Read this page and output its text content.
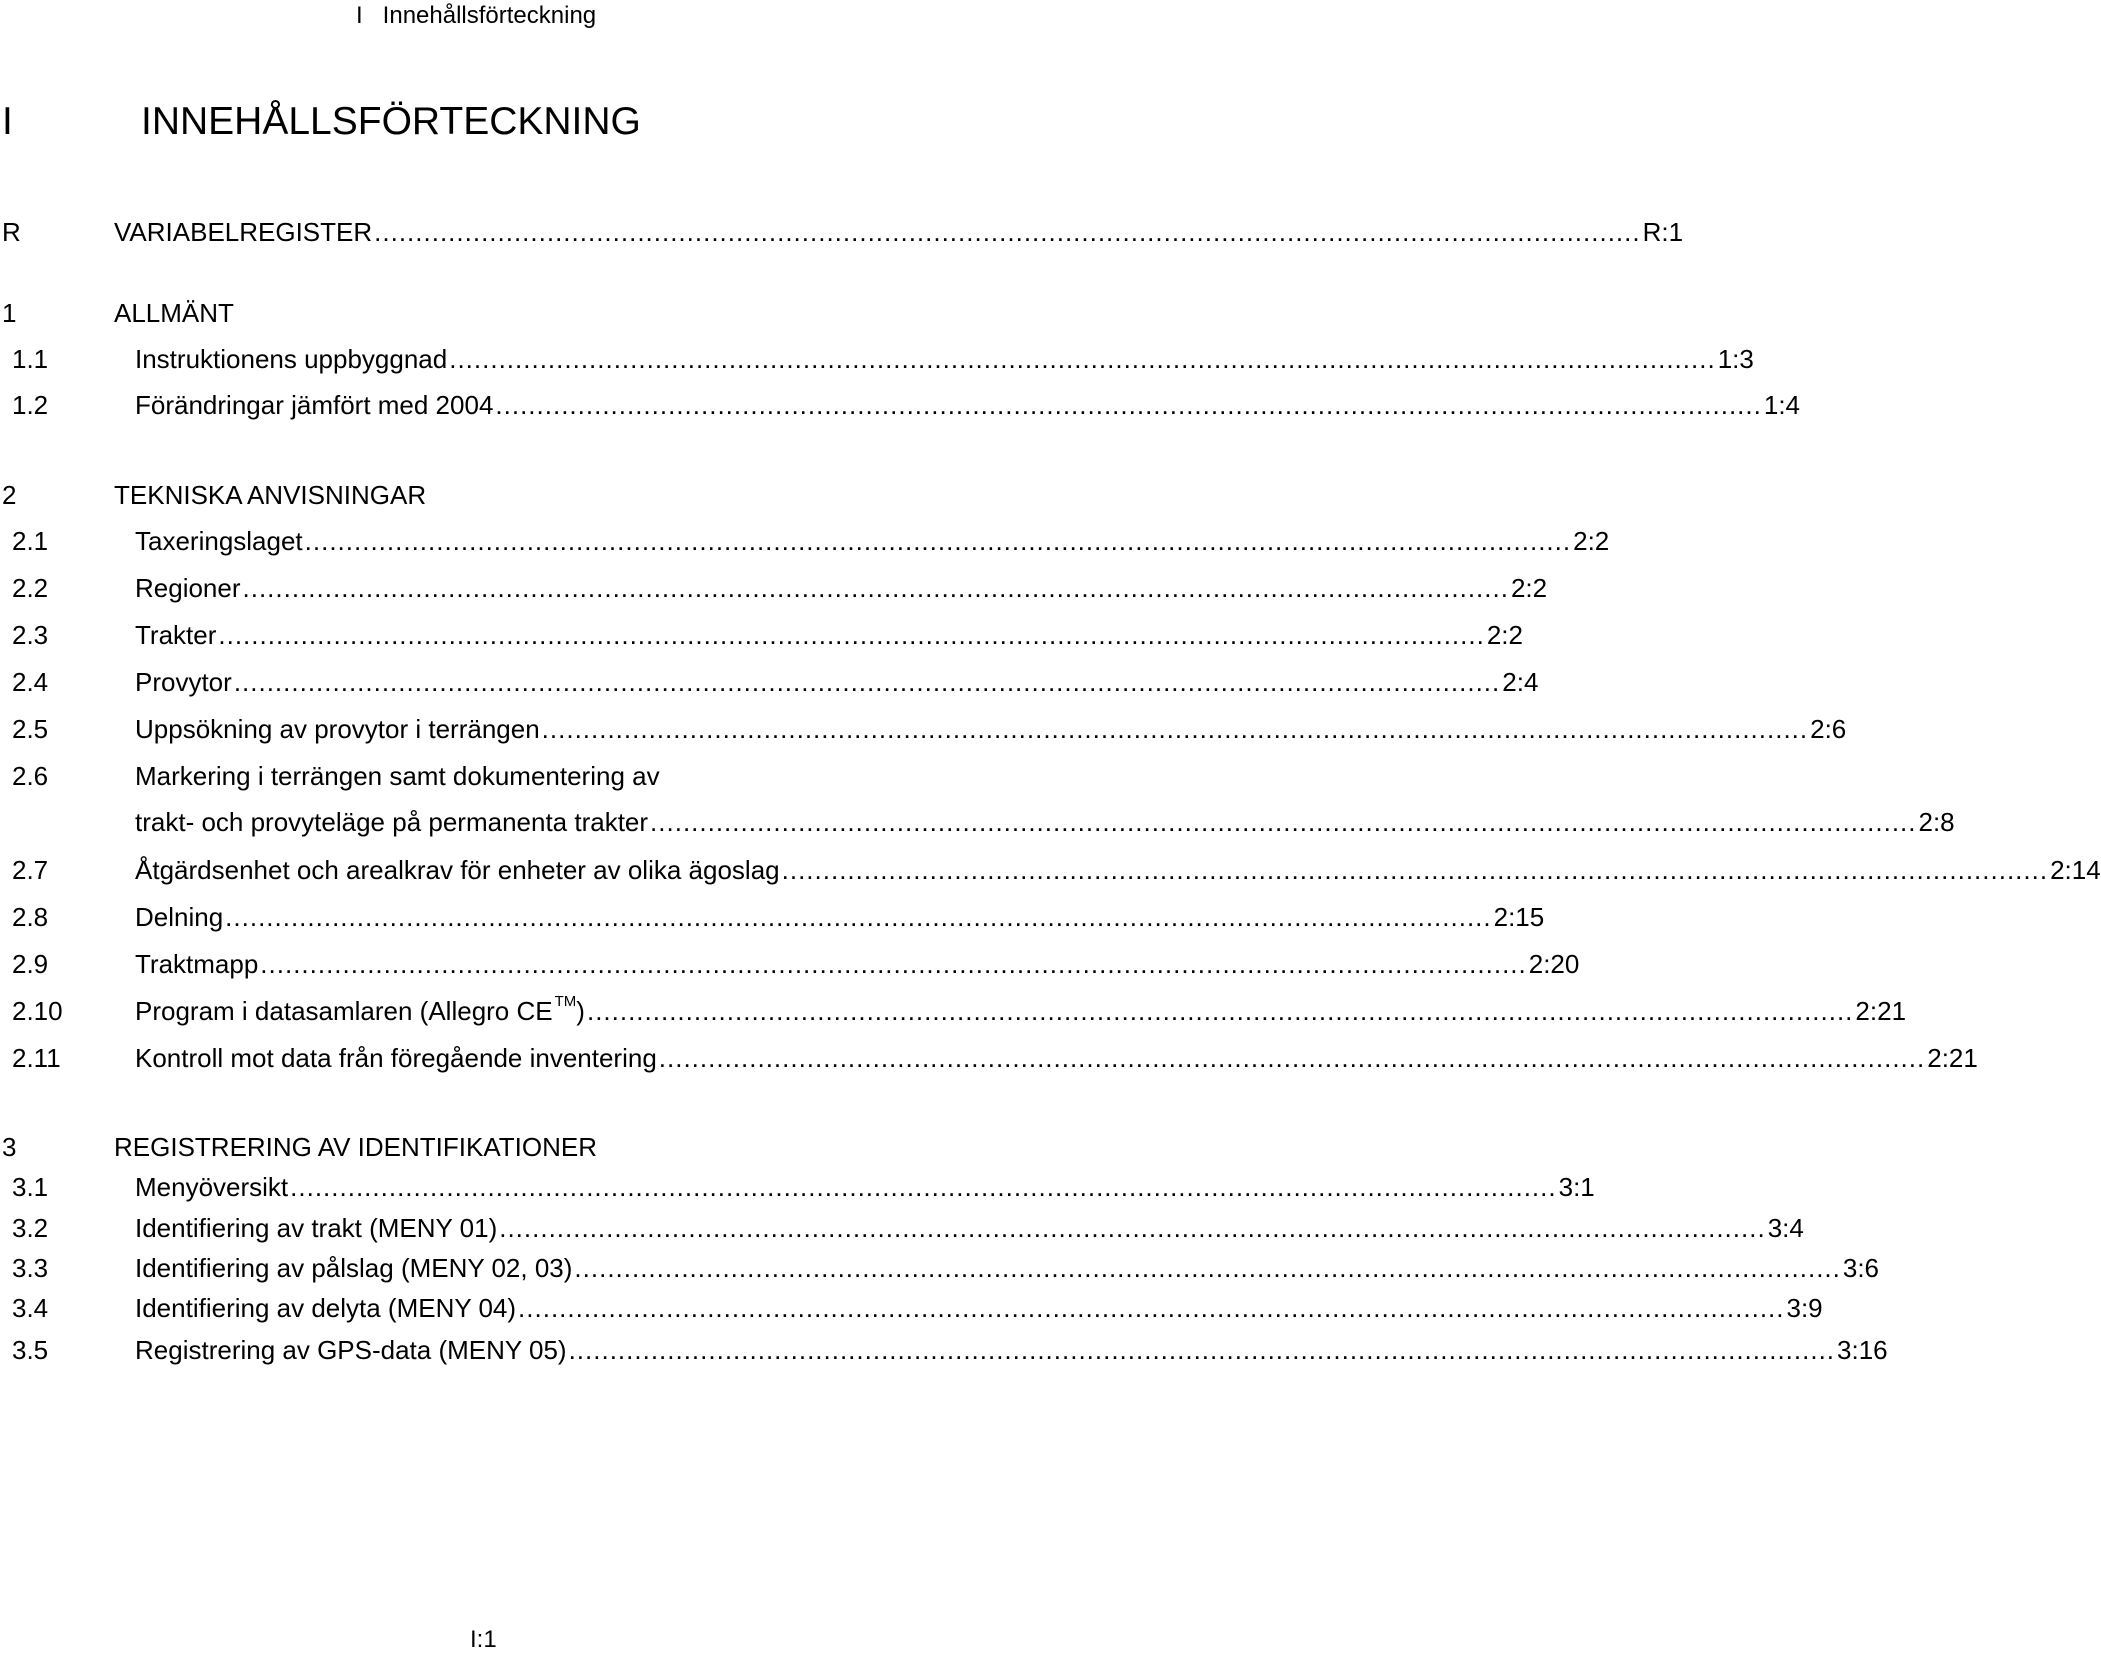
I Innehållsförteckning
I	INNEHÅLLSFÖRTECKNING
R	VARIABELREGISTER .......................................................................................................................................................... R:1
1	ALLMÄNT
1.1	Instruktionens uppbyggnad .......................................................................................................................................................... 1:3
1.2	Förändringar jämfört med 2004 .......................................................................................................................................................... 1:4
2	TEKNISKA ANVISNINGAR
2.1	Taxeringslaget .......................................................................................................................................................... 2:2
2.2	Regioner .......................................................................................................................................................... 2:2
2.3	Trakter .......................................................................................................................................................... 2:2
2.4	Provytor .......................................................................................................................................................... 2:4
2.5	Uppsökning av provytor i terrängen .......................................................................................................................................................... 2:6
2.6	Markering i terrängen samt dokumentering av
trakt- och provyteläge på permanenta trakter .......................................................................................................................................................... 2:8
2.7	Åtgärdsenhet och arealkrav för enheter av olika ägoslag .......................................................................................................................................................... 2:14
2.8	Delning .......................................................................................................................................................... 2:15
2.9	Traktmapp .......................................................................................................................................................... 2:20
2.10	Program i datasamlaren (Allegro CE ™) .......................................................................................................................................................... 2:21
2.11	Kontroll mot data från föregående inventering .......................................................................................................................................................... 2:21
3	REGISTRERING AV IDENTIFIKATIONER
3.1	Menyöversikt .......................................................................................................................................................... 3:1
3.2	Identifiering av trakt (MENY 01) .......................................................................................................................................................... 3:4
3.3	Identifiering av pålslag (MENY 02, 03) .......................................................................................................................................................... 3:6
3.4	Identifiering av delyta (MENY 04) .......................................................................................................................................................... 3:9
3.5	Registrering av GPS-data (MENY 05) .......................................................................................................................................................... 3:16
I:1
